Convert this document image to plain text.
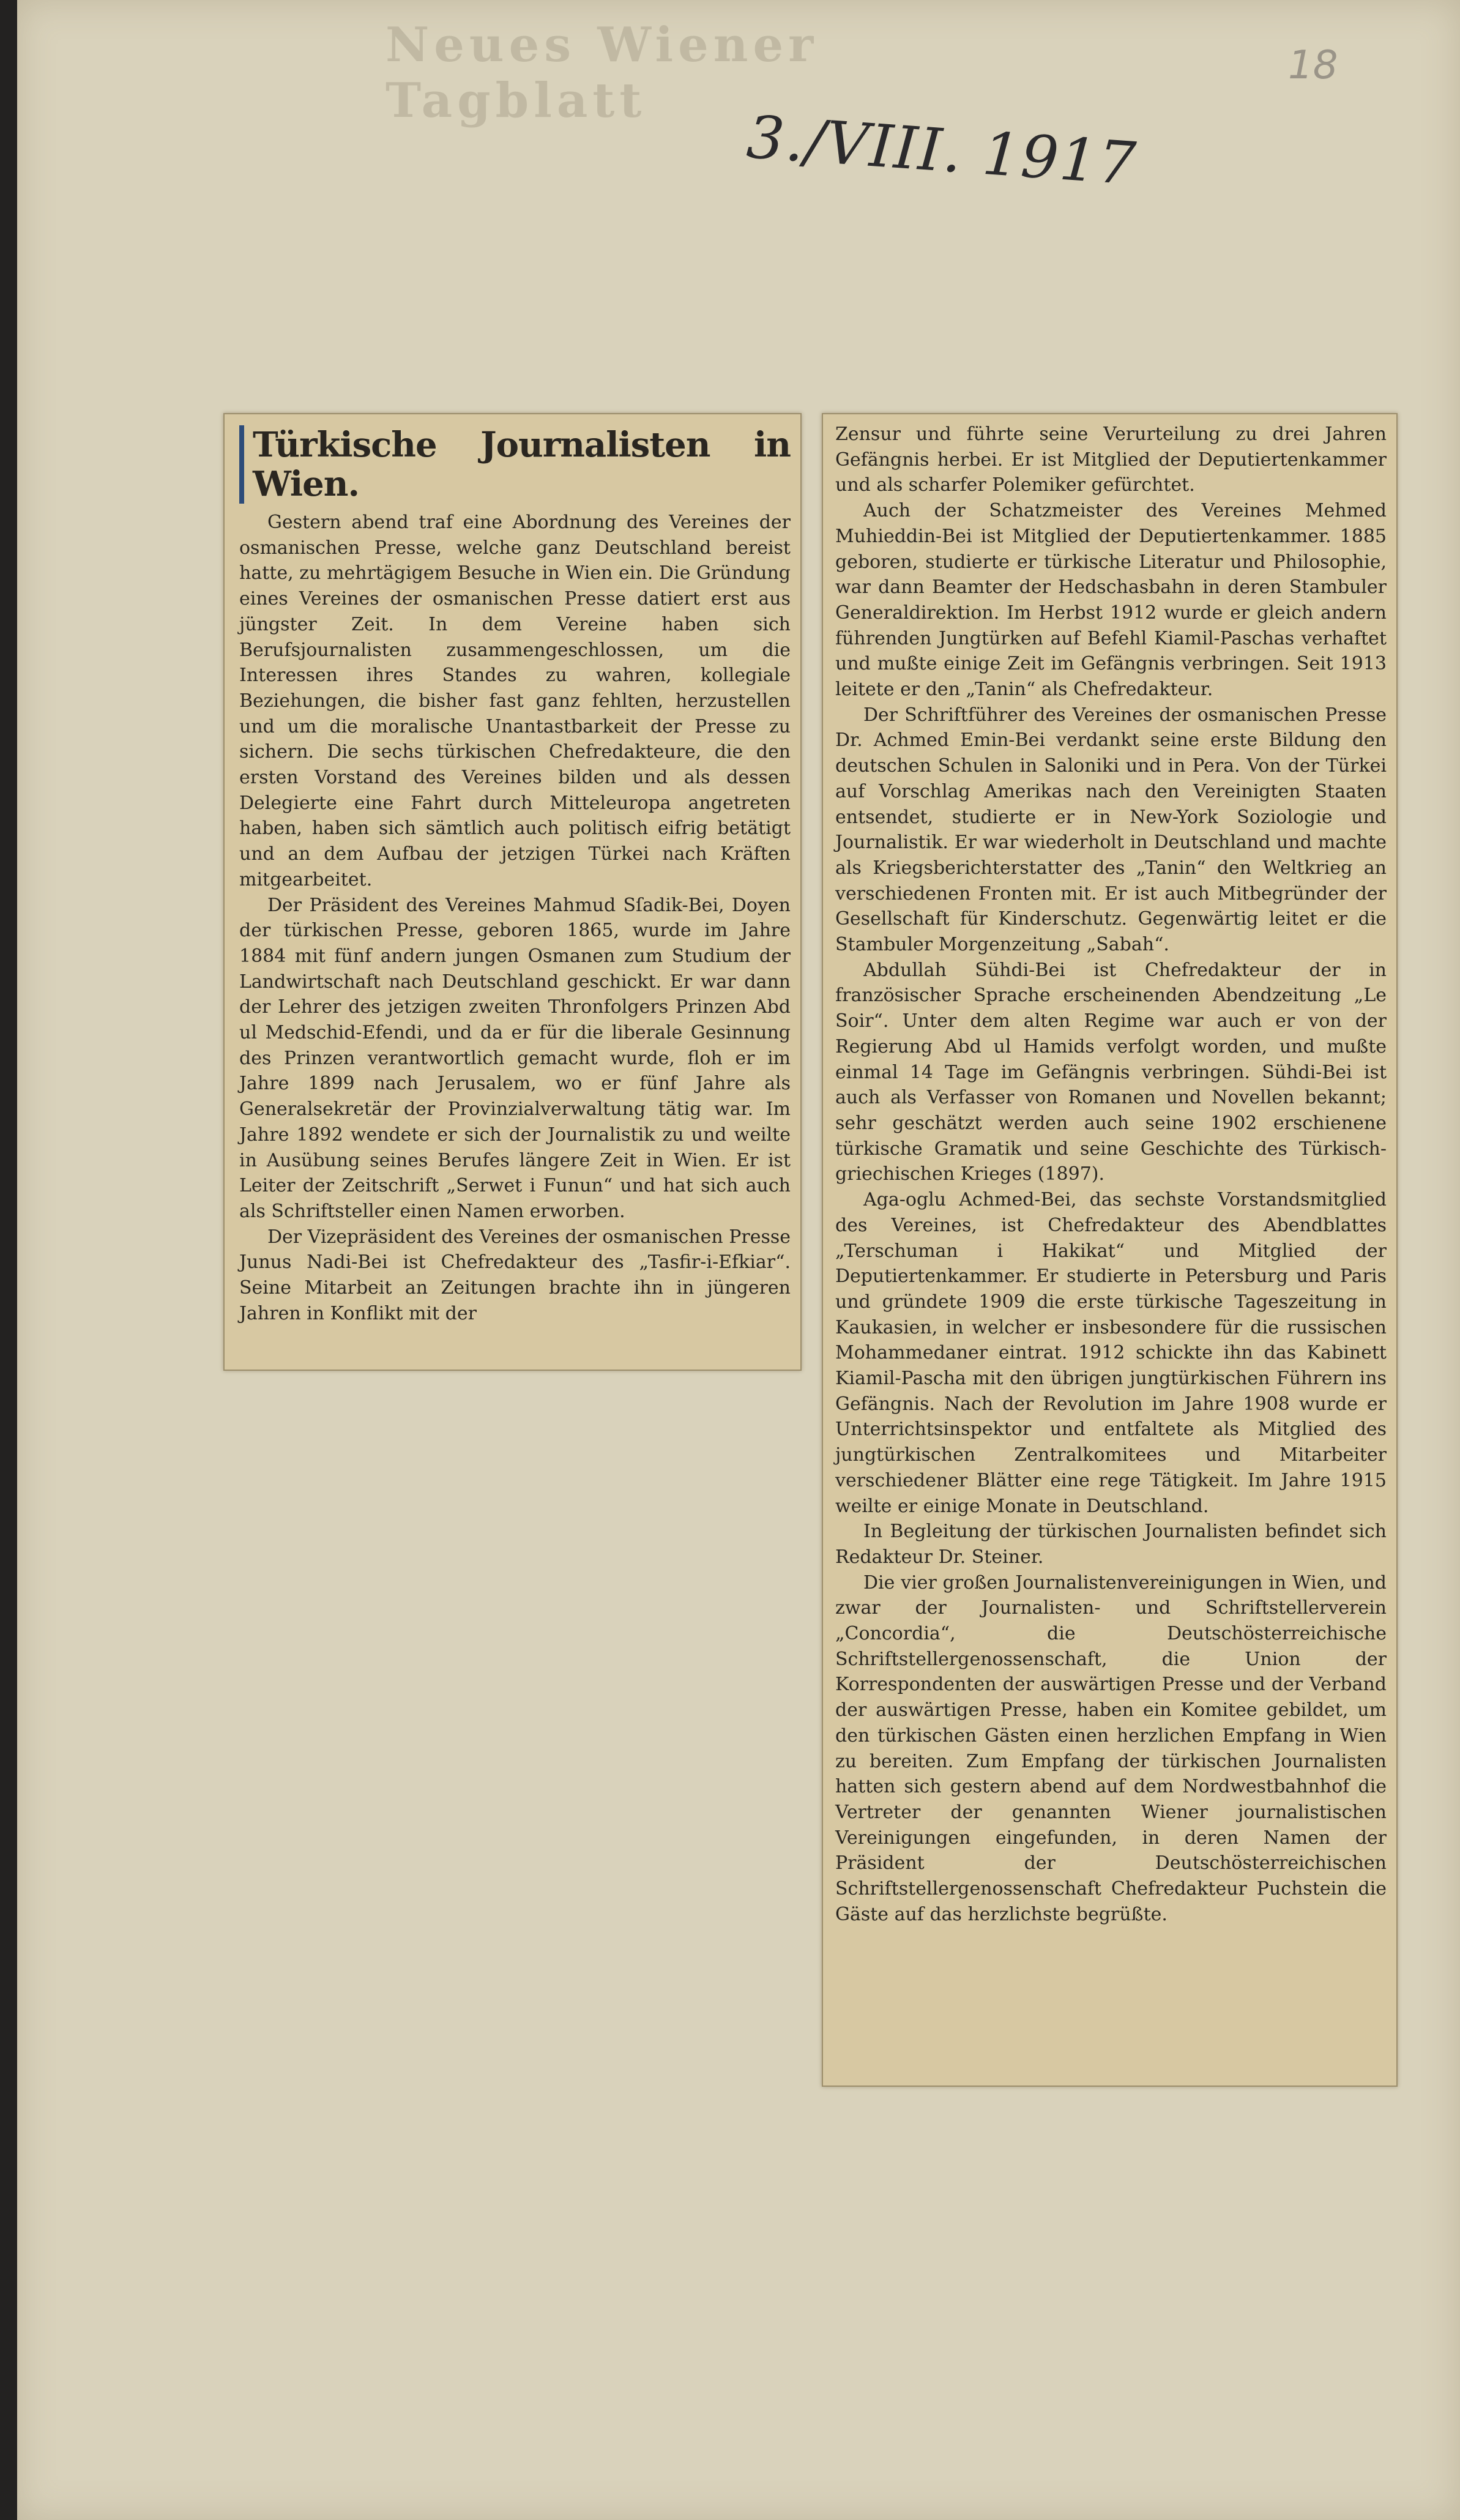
Neues Wiener Tagblatt
18
3./VIII. 1917
Türkische Journalisten in Wien.

Gestern abend traf eine Abordnung des Vereines der osmanischen Presse, welche ganz Deutschland bereist hatte, zu mehrtägigem Besuche in Wien ein. Die Gründung eines Vereines der osmanischen Presse datiert erst aus jüngster Zeit. In dem Vereine haben sich Berufsjournalisten zusammengeschlossen, um die Interessen ihres Standes zu wahren, kollegiale Beziehungen, die bisher fast ganz fehlten, herzustellen und um die moralische Unantastbarkeit der Presse zu sichern. Die sechs türkischen Chefredakteure, die den ersten Vorstand des Vereines bilden und als dessen Delegierte eine Fahrt durch Mitteleuropa angetreten haben, haben sich sämtlich auch politisch eifrig betätigt und an dem Aufbau der jetzigen Türkei nach Kräften mitgearbeitet.

Der Präsident des Vereines Mahmud Sſadik-Bei, Doyen der türkischen Presse, geboren 1865, wurde im Jahre 1884 mit fünf andern jungen Osmanen zum Studium der Landwirtschaft nach Deutschland geschickt. Er war dann der Lehrer des jetzigen zweiten Thronfolgers Prinzen Abd ul Medschid-Efendi, und da er für die liberale Gesinnung des Prinzen verantwortlich gemacht wurde, floh er im Jahre 1899 nach Jerusalem, wo er fünf Jahre als Generalsekretär der Provinzialverwaltung tätig war. Im Jahre 1892 wendete er sich der Journalistik zu und weilte in Ausübung seines Berufes längere Zeit in Wien. Er ist Leiter der Zeitschrift „Serwet i Funun“ und hat sich auch als Schriftsteller einen Namen erworben.

Der Vizepräsident des Vereines der osmanischen Presse Junus Nadi-Bei ist Chefredakteur des „Tasfir-i-Efkiar“. Seine Mitarbeit an Zeitungen brachte ihn in jüngeren Jahren in Konflikt mit der

Zensur und führte seine Verurteilung zu drei Jahren Gefängnis herbei. Er ist Mitglied der Deputiertenkammer und als scharfer Polemiker gefürchtet.

Auch der Schatzmeister des Vereines Mehmed Muhieddin-Bei ist Mitglied der Deputiertenkammer. 1885 geboren, studierte er türkische Literatur und Philosophie, war dann Beamter der Hedschasbahn in deren Stambuler Generaldirektion. Im Herbst 1912 wurde er gleich andern führenden Jungtürken auf Befehl Kiamil-Paschas verhaftet und mußte einige Zeit im Gefängnis verbringen. Seit 1913 leitete er den „Tanin“ als Chefredakteur.

Der Schriftführer des Vereines der osmanischen Presse Dr. Achmed Emin-Bei verdankt seine erste Bildung den deutschen Schulen in Saloniki und in Pera. Von der Türkei auf Vorschlag Amerikas nach den Vereinigten Staaten entsendet, studierte er in New-York Soziologie und Journalistik. Er war wiederholt in Deutschland und machte als Kriegsberichterstatter des „Tanin“ den Weltkrieg an verschiedenen Fronten mit. Er ist auch Mitbegründer der Gesellschaft für Kinderschutz. Gegenwärtig leitet er die Stambuler Morgenzeitung „Sabah“.

Abdullah Sühdi-Bei ist Chefredakteur der in französischer Sprache erscheinenden Abendzeitung „Le Soir“. Unter dem alten Regime war auch er von der Regierung Abd ul Hamids verfolgt worden, und mußte einmal 14 Tage im Gefängnis verbringen. Sühdi-Bei ist auch als Verfasser von Romanen und Novellen bekannt; sehr geschätzt werden auch seine 1902 erschienene türkische Gramatik und seine Geschichte des Türkisch-griechischen Krieges (1897).

Aga-oglu Achmed-Bei, das sechste Vorstandsmitglied des Vereines, ist Chefredakteur des Abendblattes „Terschuman i Hakikat“ und Mitglied der Deputiertenkammer. Er studierte in Petersburg und Paris und gründete 1909 die erste türkische Tageszeitung in Kaukasien, in welcher er insbesondere für die russischen Mohammedaner eintrat. 1912 schickte ihn das Kabinett Kiamil-Pascha mit den übrigen jungtürkischen Führern ins Gefängnis. Nach der Revolution im Jahre 1908 wurde er Unterrichtsinspektor und entfaltete als Mitglied des jungtürkischen Zentralkomitees und Mitarbeiter verschiedener Blätter eine rege Tätigkeit. Im Jahre 1915 weilte er einige Monate in Deutschland.

In Begleitung der türkischen Journalisten befindet sich Redakteur Dr. Steiner.

Die vier großen Journalistenvereinigungen in Wien, und zwar der Journalisten- und Schriftstellerverein „Concordia“, die Deutschösterreichische Schriftstellergenossenschaft, die Union der Korrespondenten der auswärtigen Presse und der Verband der auswärtigen Presse, haben ein Komitee gebildet, um den türkischen Gästen einen herzlichen Empfang in Wien zu bereiten. Zum Empfang der türkischen Journalisten hatten sich gestern abend auf dem Nordwestbahnhof die Vertreter der genannten Wiener journalistischen Vereinigungen eingefunden, in deren Namen der Präsident der Deutschösterreichischen Schriftstellergenossenschaft Chefredakteur Puchstein die Gäste auf das herzlichste begrüßte.
